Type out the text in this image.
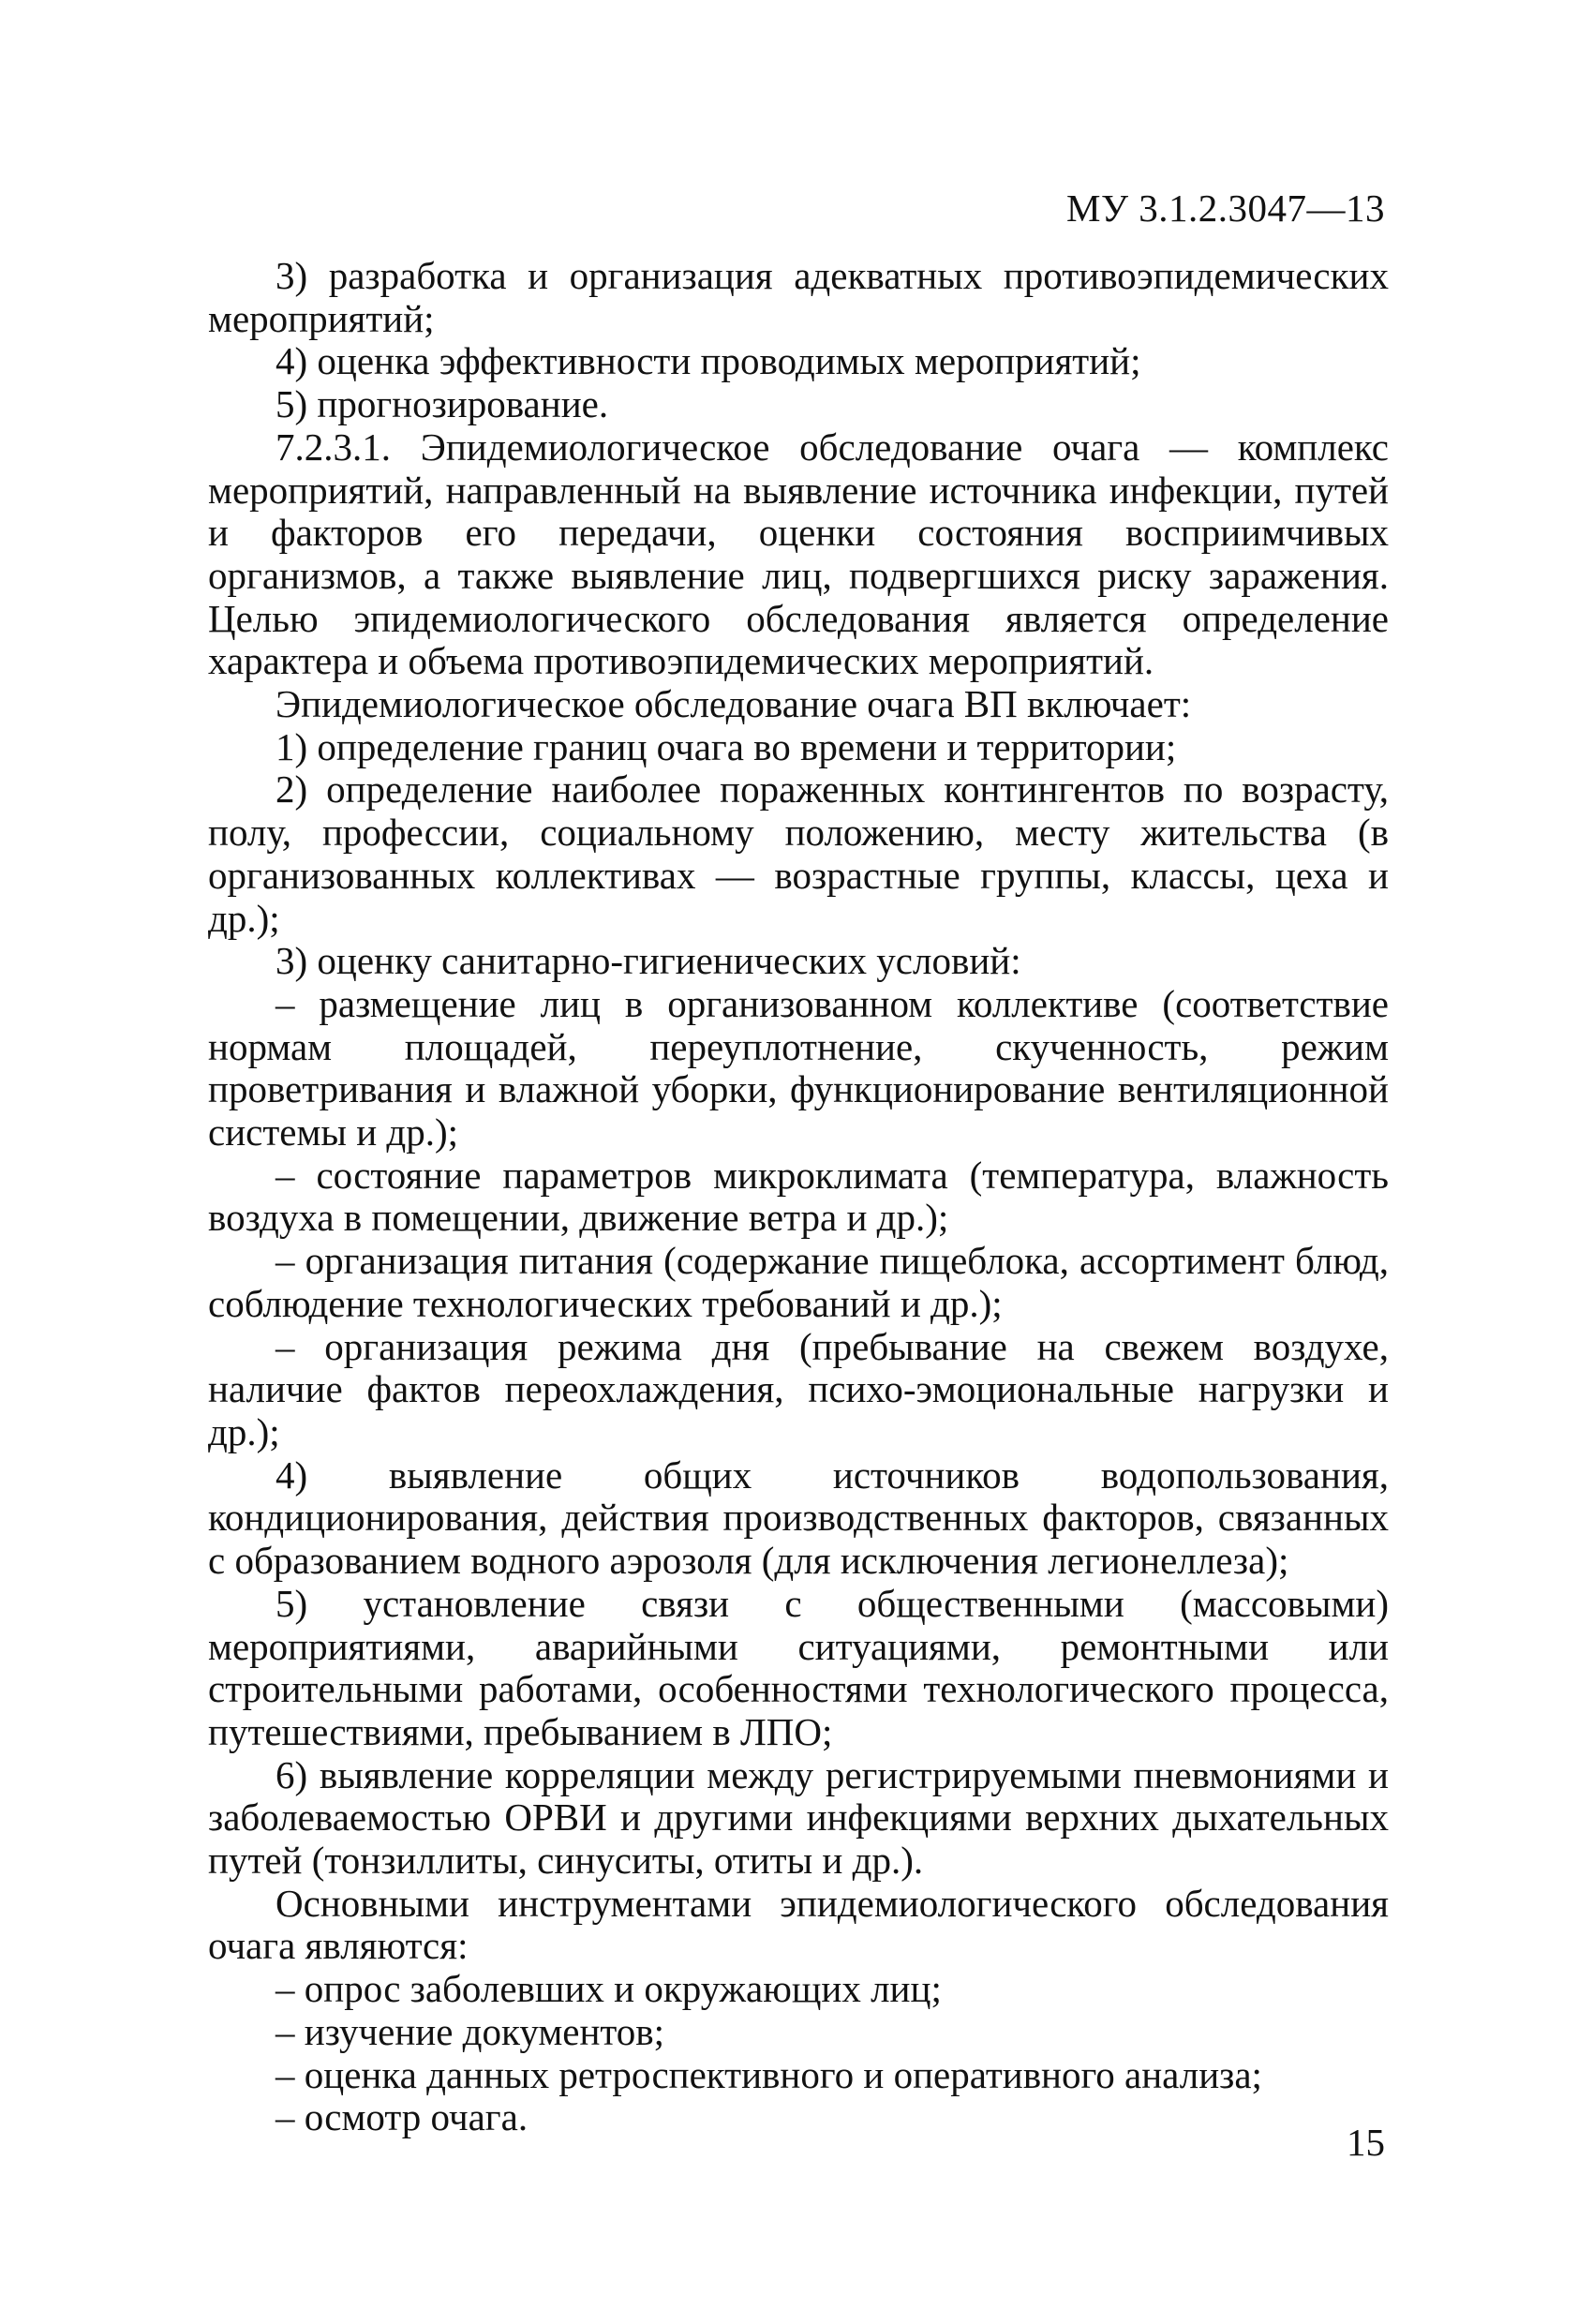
МУ 3.1.2.3047—13

3) разработка и организация адекватных противоэпидемических мероприятий;

4) оценка эффективности проводимых мероприятий;

5) прогнозирование.

7.2.3.1. Эпидемиологическое обследование очага — комплекс мероприятий, направленный на выявление источника инфекции, путей и факторов его передачи, оценки состояния восприимчивых организмов, а также выявление лиц, подвергшихся риску заражения. Целью эпидемиологического обследования является определение характера и объема противоэпидемических мероприятий.

Эпидемиологическое обследование очага ВП включает:

1) определение границ очага во времени и территории;

2) определение наиболее пораженных контингентов по возрасту, полу, профессии, социальному положению, месту жительства (в организованных коллективах — возрастные группы, классы, цеха и др.);

3) оценку санитарно-гигиенических условий:

– размещение лиц в организованном коллективе (соответствие нормам площадей, переуплотнение, скученность, режим проветривания и влажной уборки, функционирование вентиляционной системы и др.);

– состояние параметров микроклимата (температура, влажность воздуха в помещении, движение ветра и др.);

– организация питания (содержание пищеблока, ассортимент блюд, соблюдение технологических требований и др.);

– организация режима дня (пребывание на свежем воздухе, наличие фактов переохлаждения, психо-эмоциональные нагрузки и др.);

4) выявление общих источников водопользования, кондиционирования, действия производственных факторов, связанных с образованием водного аэрозоля (для исключения легионеллеза);

5) установление связи с общественными (массовыми) мероприятиями, аварийными ситуациями, ремонтными или строительными работами, особенностями технологического процесса, путешествиями, пребыванием в ЛПО;

6) выявление корреляции между регистрируемыми пневмониями и заболеваемостью ОРВИ и другими инфекциями верхних дыхательных путей (тонзиллиты, синуситы, отиты и др.).

Основными инструментами эпидемиологического обследования очага являются:

– опрос заболевших и окружающих лиц;

– изучение документов;

– оценка данных ретроспективного и оперативного анализа;

– осмотр очага.

15
